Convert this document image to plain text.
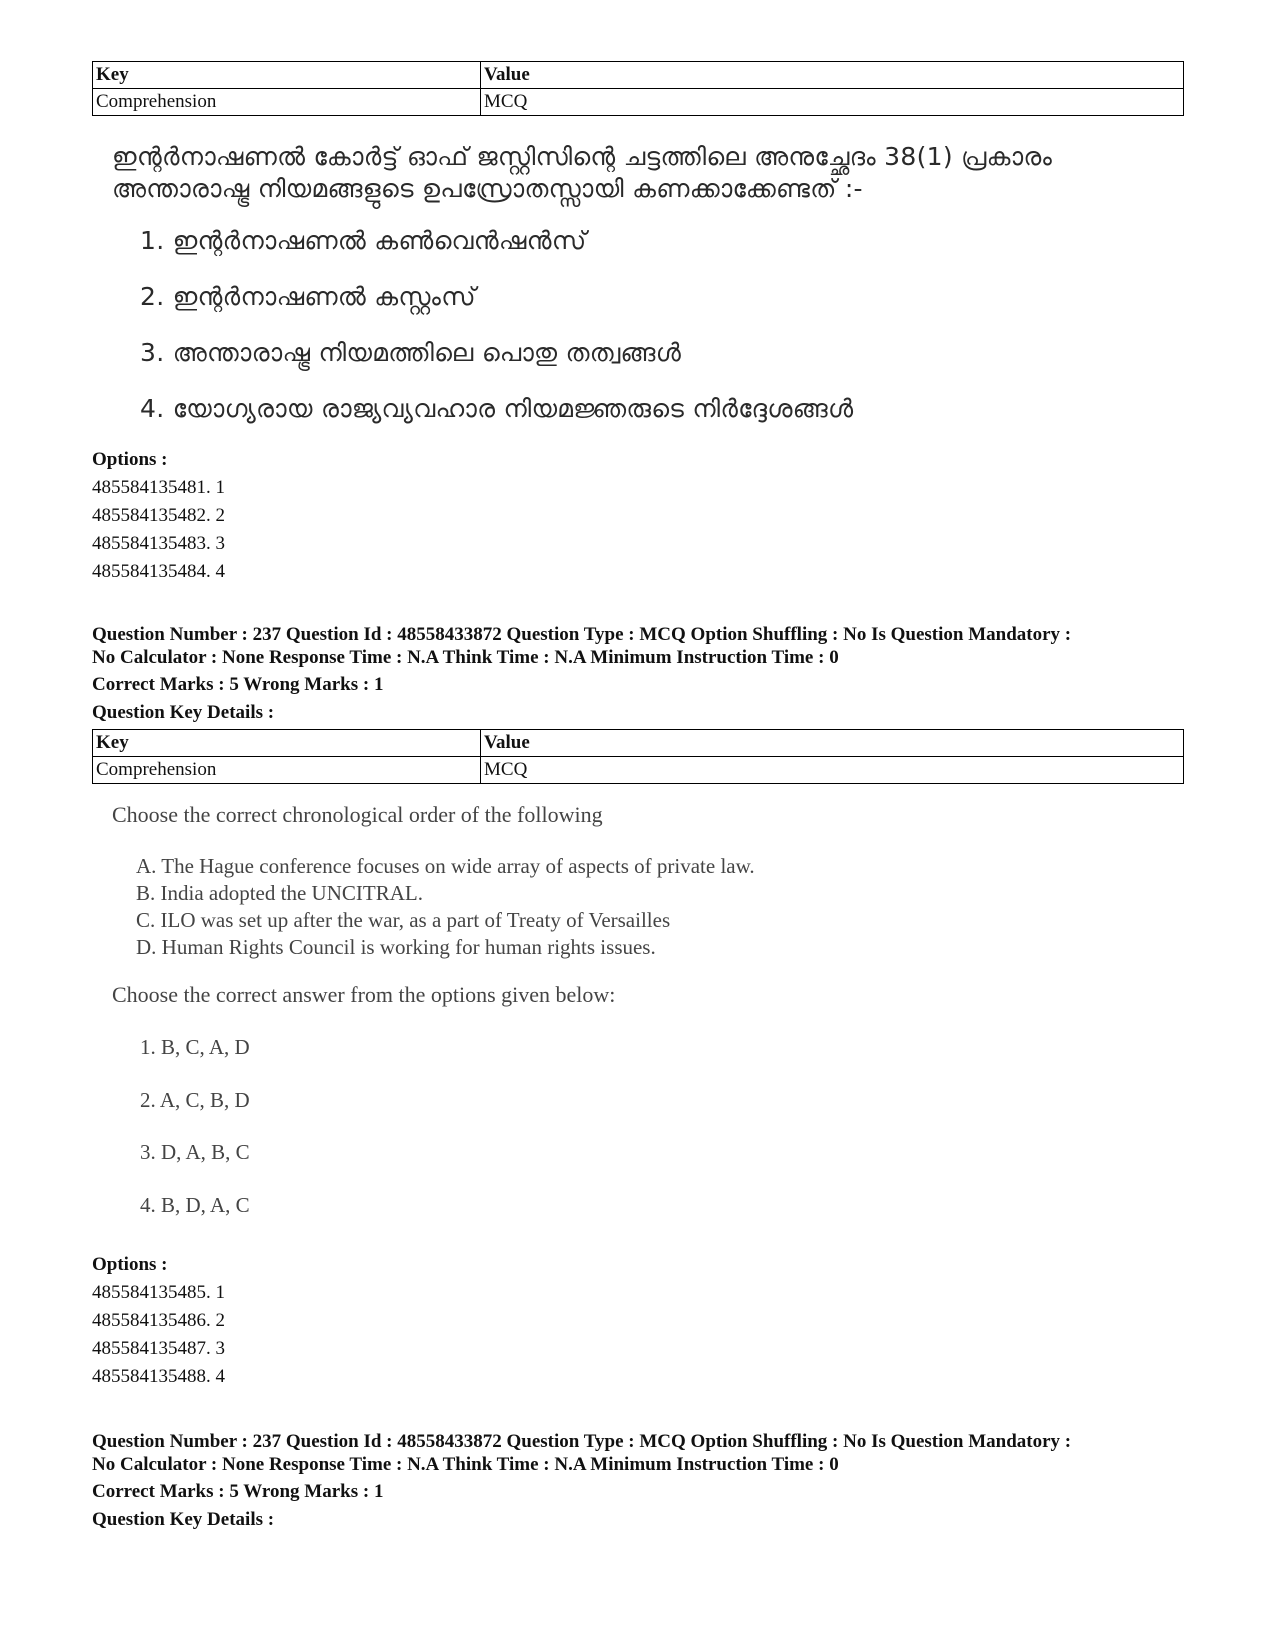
Key	Value
Comprehension	MCQ
ഇന്റർനാഷണൽ കോർട്ട് ഓഫ് ജസ്റ്റിസിന്റെ ചട്ടത്തിലെ അനുച്ഛേദം 38(1) പ്രകാരം
അന്താരാഷ്ട്ര നിയമങ്ങളുടെ ഉപസ്രോതസ്സായി കണക്കാക്കേണ്ടത് :-
1. ഇന്റർനാഷണൽ കൺവെൻഷൻസ്
2. ഇന്റർനാഷണൽ കസ്റ്റംസ്
3. അന്താരാഷ്ട്ര നിയമത്തിലെ പൊതു തത്വങ്ങൾ
4. യോഗ്യരായ രാജ്യവ്യവഹാര നിയമജ്ഞരുടെ നിർദ്ദേശങ്ങൾ
Options :
485584135481. 1
485584135482. 2
485584135483. 3
485584135484. 4
Question Number : 237 Question Id : 48558433872 Question Type : MCQ Option Shuffling : No Is Question Mandatory :
No Calculator : None Response Time : N.A Think Time : N.A Minimum Instruction Time : 0
Correct Marks : 5 Wrong Marks : 1
Question Key Details :
Key	Value
Comprehension	MCQ
Choose the correct chronological order of the following
A. The Hague conference focuses on wide array of aspects of private law.
B. India adopted the UNCITRAL.
C. ILO was set up after the war, as a part of Treaty of Versailles
D. Human Rights Council is working for human rights issues.
Choose the correct answer from the options given below:
1. B, C, A, D
2. A, C, B, D
3. D, A, B, C
4. B, D, A, C
Options :
485584135485. 1
485584135486. 2
485584135487. 3
485584135488. 4
Question Number : 237 Question Id : 48558433872 Question Type : MCQ Option Shuffling : No Is Question Mandatory :
No Calculator : None Response Time : N.A Think Time : N.A Minimum Instruction Time : 0
Correct Marks : 5 Wrong Marks : 1
Question Key Details :
